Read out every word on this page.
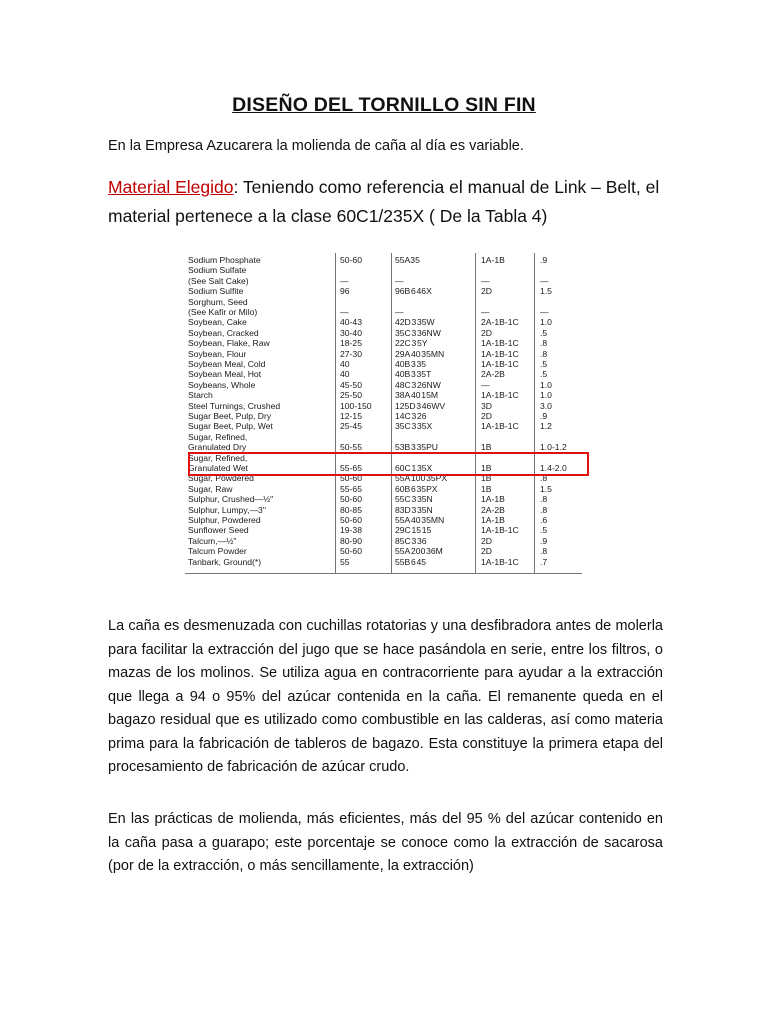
DISEÑO DEL TORNILLO SIN FIN
En la Empresa Azucarera la molienda de caña al día es variable.
Material Elegido: Teniendo como referencia el manual de Link – Belt, el material pertenece a la clase 60C1/235X ( De la Tabla 4)
Sodium Phosphate	50-60	55A35	1A-1B	.9
Sodium Sulfate
(See Salt Cake)	—	—	—	—
Sodium Sulfite	96	96B 6 46X	2D	1.5
Sorghum, Seed
(See Kafir or Milo)	—	—	—	—
Soybean, Cake	40-43	42D 3 35W	2A-1B-1C 1.0
Soybean, Cracked	30-40	35C 3 36NW	2D	.5
Soybean, Flake, Raw	18-25	22C 3 5Y	1A-1B-1C .8
Soybean, Flour	27-30	29A 40 35MN	1A-1B-1C .8
Soybean Meal, Cold	40	40B 3 35	1A-1B-1C .5
Soybean Meal, Hot	40	40B 3 35T	2A-2B	.5
Soybeans, Whole	45-50	48C 3 26NW	—	1.0
Starch	25-50	38A 40 15M	1A-1B-1C 1.0
Steel Turnings, Crushed	100-150	125D 3 46WV	3D	3.0
Sugar Beet, Pulp, Dry	12-15	14C 3 26	2D	.9
Sugar Beet, Pulp, Wet	25-45	35C 3 35X	1A-1B-1C 1.2
Sugar, Refined,
Granulated Dry	50-55	53B 3 35PU	1B	1.0-1.2
Sugar, Refined,
Granulated Wet	55-65	60C 1 35X	1B	1.4-2.0
Sugar, Powdered	50-60	55A 100 35PX	1B	.8
Sugar, Raw	55-65	60B 6 35PX	1B	1.5
Sulphur, Crushed—½"	50-60	55C 3 35N	1A-1B	.8
Sulphur, Lumpy,—3"	80-85	83D 3 35N	2A-2B	.8
Sulphur, Powdered	50-60	55A 40 35MN	1A-1B	.6
Sunflower Seed	19-38	29C 15 15	1A-1B-1C .5
Talcum,—½"	80-90	85C 3 36	2D	.9
Talcum Powder	50-60	55A 200 36M	2D	.8
Tanbark, Ground(*)	55	55B 6 45	1A-1B-1C .7
La caña es desmenuzada con cuchillas rotatorias y una desfibradora antes de molerla para facilitar la extracción del jugo que se hace pasándola en serie, entre los filtros, o mazas de los molinos. Se utiliza agua en contracorriente para ayudar a la extracción que llega a 94 o 95% del azúcar contenida en la caña. El remanente queda en el bagazo residual que es utilizado como combustible en las calderas, así como materia prima para la fabricación de tableros de bagazo. Esta constituye la primera etapa del procesamiento de fabricación de azúcar crudo.
En las prácticas de molienda, más eficientes, más del 95 % del azúcar contenido en la caña pasa a guarapo; este porcentaje se conoce como la extracción de sacarosa (por de la extracción, o más sencillamente, la extracción)
